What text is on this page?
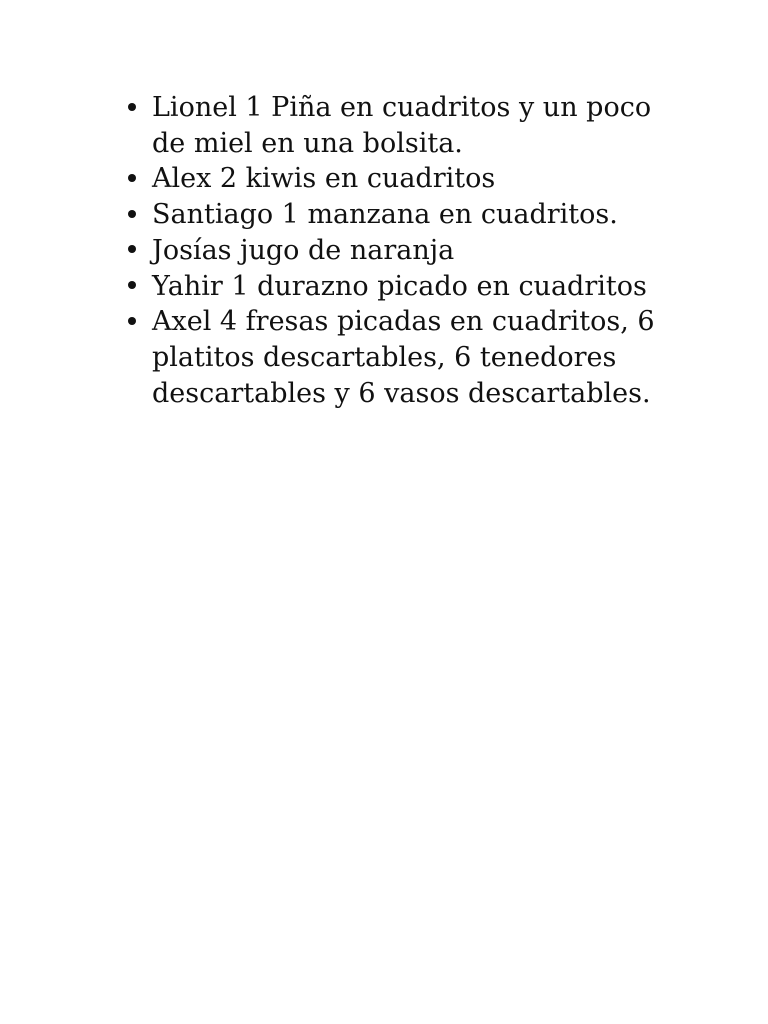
Lionel 1 Piña en cuadritos y un poco de miel en una bolsita.
Alex 2 kiwis en cuadritos
Santiago 1 manzana en cuadritos.
Josías jugo de naranja
Yahir 1 durazno picado en cuadritos
Axel 4 fresas picadas en cuadritos, 6 platitos descartables, 6 tenedores descartables y 6 vasos descartables.
